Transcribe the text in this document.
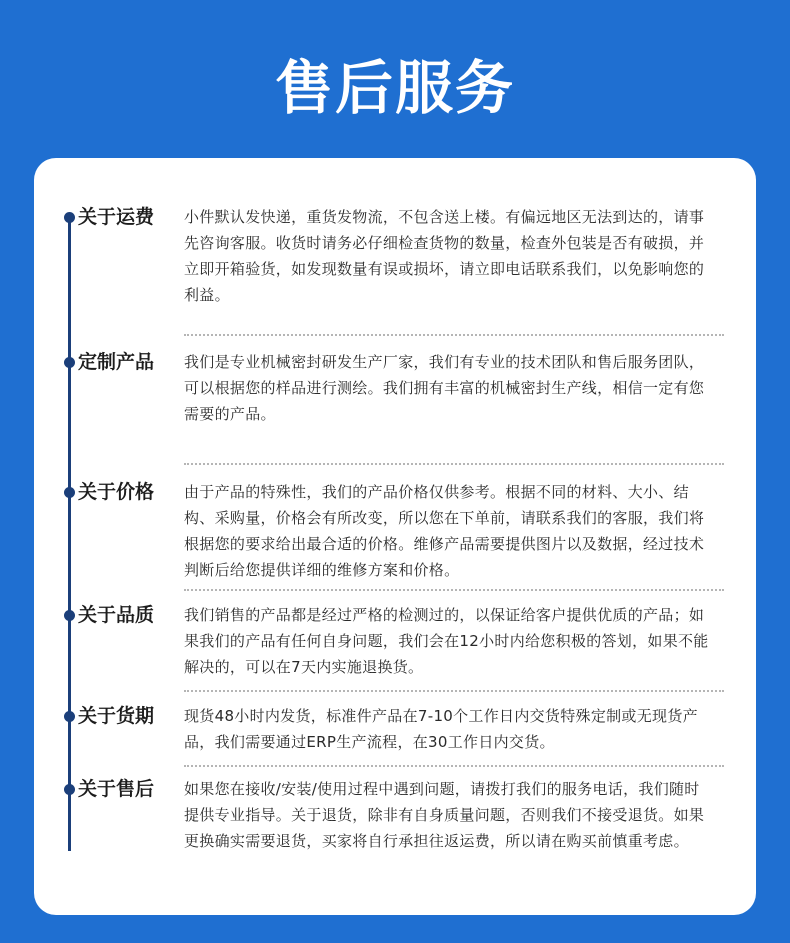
售后服务
关于运费	小件默认发快递，重货发物流，不包含送上楼。有偏远地区无法到达的，请事先咨询客服。收货时请务必仔细检查货物的数量，检查外包装是否有破损，并立即开箱验货，如发现数量有误或损坏，请立即电话联系我们，以免影响您的利益。
定制产品	我们是专业机械密封研发生产厂家，我们有专业的技术团队和售后服务团队，可以根据您的样品进行测绘。我们拥有丰富的机械密封生产线，相信一定有您需要的产品。
关于价格	由于产品的特殊性，我们的产品价格仅供参考。根据不同的材料、大小、结构、采购量，价格会有所改变，所以您在下单前，请联系我们的客服，我们将根据您的要求给出最合适的价格。维修产品需要提供图片以及数据，经过技术判断后给您提供详细的维修方案和价格。
关于品质	我们销售的产品都是经过严格的检测过的，以保证给客户提供优质的产品；如果我们的产品有任何自身问题，我们会在12小时内给您积极的答划，如果不能解决的，可以在7天内实施退换货。
关于货期	现货48小时内发货，标准件产品在7-10个工作日内交货特殊定制或无现货产品，我们需要通过ERP生产流程，在30工作日内交货。
关于售后	如果您在接收/安装/使用过程中遇到问题，请拨打我们的服务电话，我们随时提供专业指导。关于退货，除非有自身质量问题，否则我们不接受退货。如果更换确实需要退货，买家将自行承担往返运费，所以请在购买前慎重考虑。
